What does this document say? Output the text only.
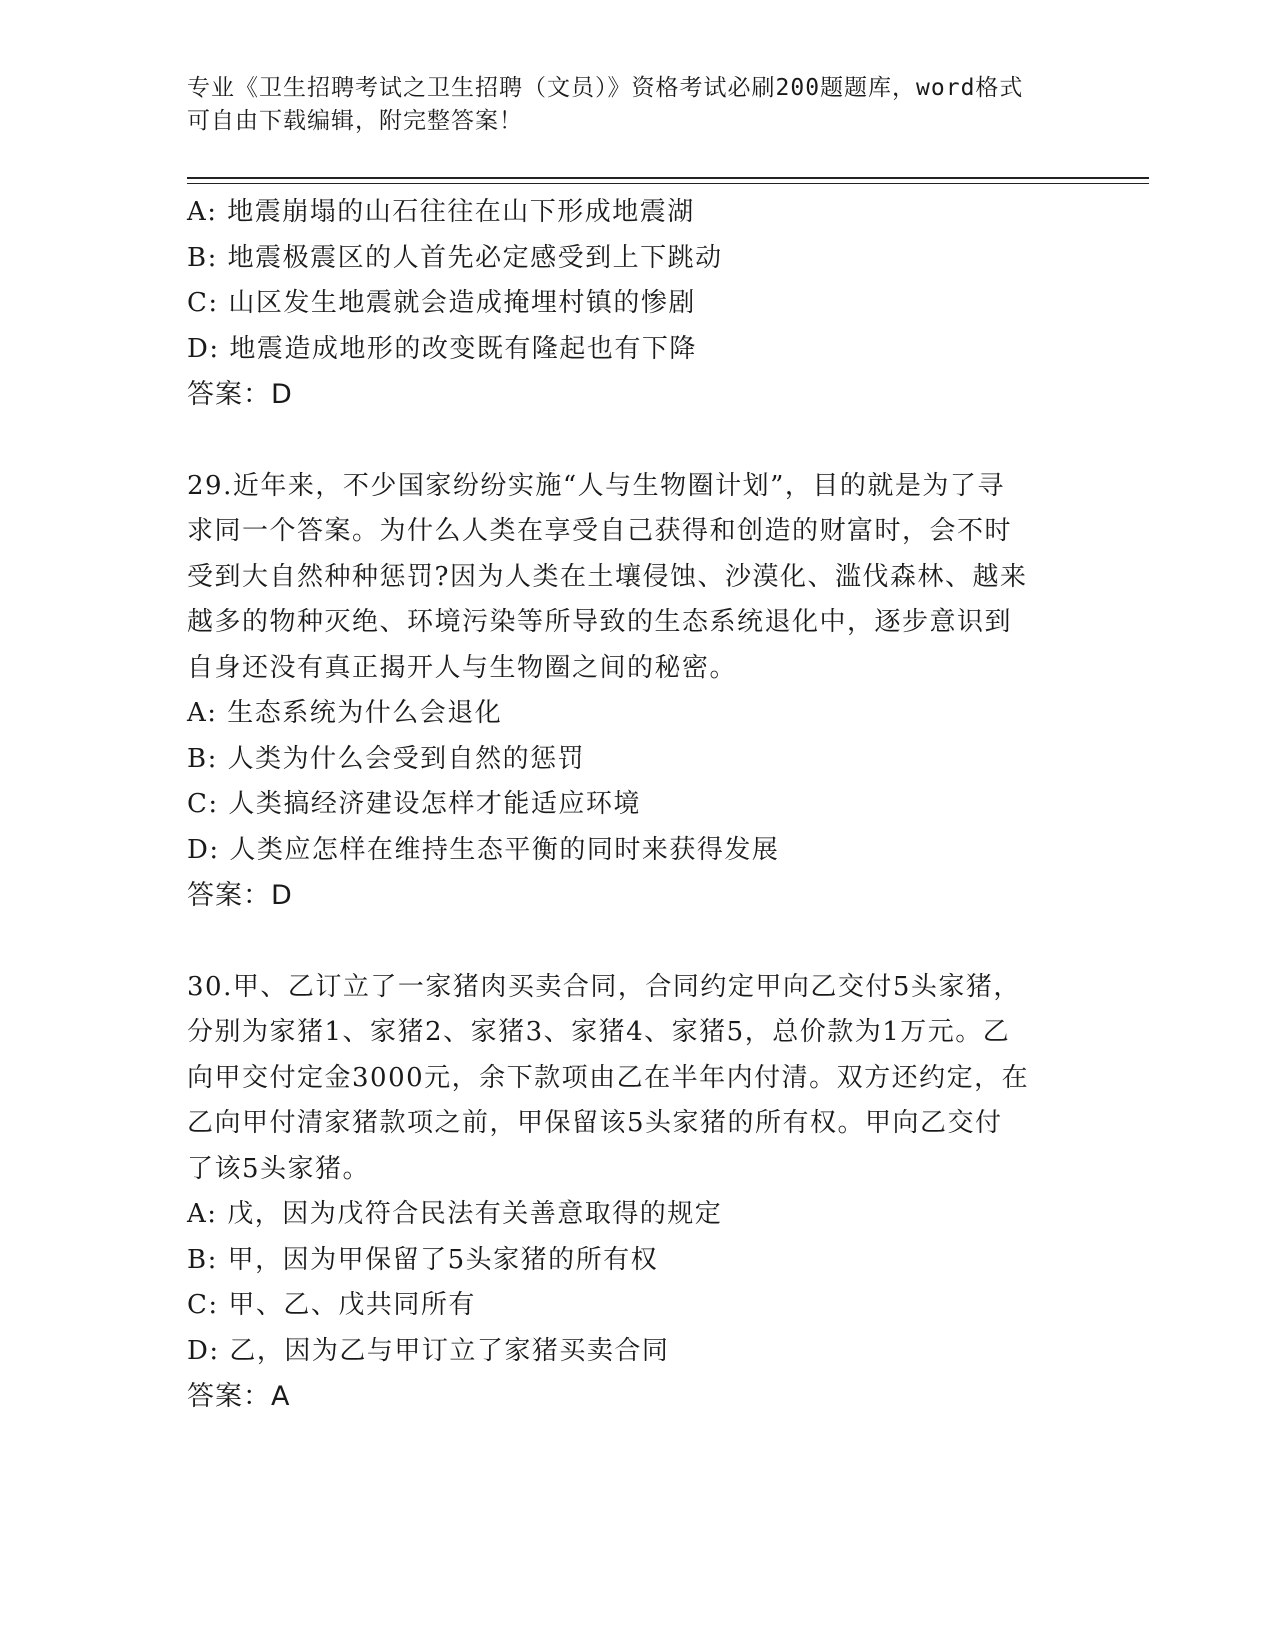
专业《卫生招聘考试之卫生招聘（文员）》资格考试必刷200题题库，word格式
可自由下载编辑，附完整答案！
A: 地震崩塌的山石往往在山下形成地震湖
B: 地震极震区的人首先必定感受到上下跳动
C: 山区发生地震就会造成掩埋村镇的惨剧
D: 地震造成地形的改变既有隆起也有下降
答案：D
29.近年来，不少国家纷纷实施“人与生物圈计划”，目的就是为了寻
求同一个答案。为什么人类在享受自己获得和创造的财富时，会不时
受到大自然种种惩罚?因为人类在土壤侵蚀、沙漠化、滥伐森林、越来
越多的物种灭绝、环境污染等所导致的生态系统退化中，逐步意识到
自身还没有真正揭开人与生物圈之间的秘密。
A: 生态系统为什么会退化
B: 人类为什么会受到自然的惩罚
C: 人类搞经济建设怎样才能适应环境
D: 人类应怎样在维持生态平衡的同时来获得发展
答案：D
30.甲、乙订立了一家猪肉买卖合同，合同约定甲向乙交付5头家猪，
分别为家猪1、家猪2、家猪3、家猪4、家猪5，总价款为1万元。乙
向甲交付定金3000元，余下款项由乙在半年内付清。双方还约定，在
乙向甲付清家猪款项之前，甲保留该5头家猪的所有权。甲向乙交付
了该5头家猪。
A: 戊，因为戊符合民法有关善意取得的规定
B: 甲，因为甲保留了5头家猪的所有权
C: 甲、乙、戊共同所有
D: 乙，因为乙与甲订立了家猪买卖合同
答案：A
